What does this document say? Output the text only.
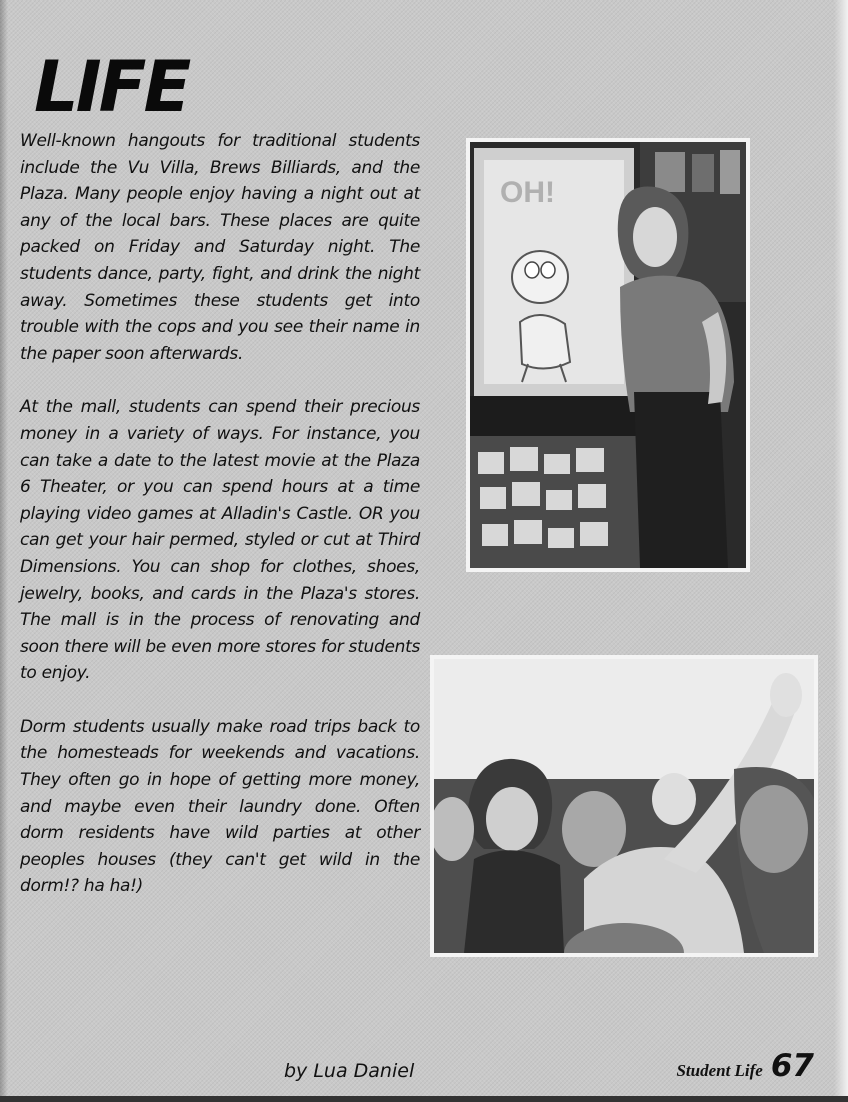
LIFE

Well-known hangouts for traditional students include the Vu Villa, Brews Billiards, and the Plaza. Many people enjoy having a night out at any of the local bars. These places are quite packed on Friday and Saturday night. The students dance, party, fight, and drink the night away. Sometimes these students get into trouble with the cops and you see their name in the paper soon afterwards.

At the mall, students can spend their precious money in a variety of ways. For instance, you can take a date to the latest movie at the Plaza 6 Theater, or you can spend hours at a time playing video games at Alladin's Castle. OR you can get your hair permed, styled or cut at Third Dimensions. You can shop for clothes, shoes, jewelry, books, and cards in the Plaza's stores. The mall is in the process of renovating and soon there will be even more stores for students to enjoy.

Dorm students usually make road trips back to the homesteads for weekends and vacations. They often go in hope of getting more money, and maybe even their laundry done. Often dorm residents have wild parties at other peoples houses (they can't get wild in the dorm!? ha ha!)

by Lua Daniel
OH!
Student Life 67
